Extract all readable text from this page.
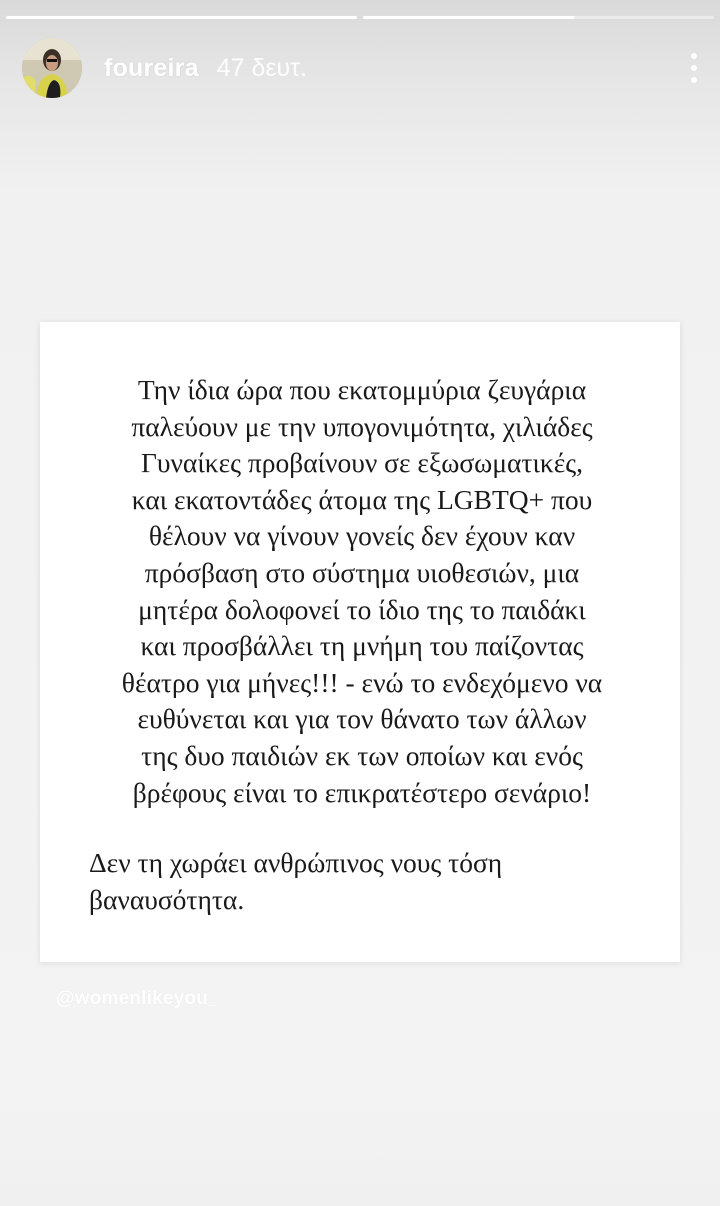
foureira 47 δευτ.

Την ίδια ώρα που εκατομμύρια ζευγάρια
παλεύουν με την υπογονιμότητα, χιλιάδες
Γυναίκες προβαίνουν σε εξωσωματικές,
και εκατοντάδες άτομα της LGBTQ+ που
θέλουν να γίνουν γονείς δεν έχουν καν
πρόσβαση στο σύστημα υιοθεσιών, μια
μητέρα δολοφονεί το ίδιο της το παιδάκι
και προσβάλλει τη μνήμη του παίζοντας
θέατρο για μήνες!!! - ενώ το ενδεχόμενο να
ευθύνεται και για τον θάνατο των άλλων
της δυο παιδιών εκ των οποίων και ενός
βρέφους είναι το επικρατέστερο σενάριο!

Δεν τη χωράει ανθρώπινος νους τόση
βαναυσότητα.

@womenlikeyou_
